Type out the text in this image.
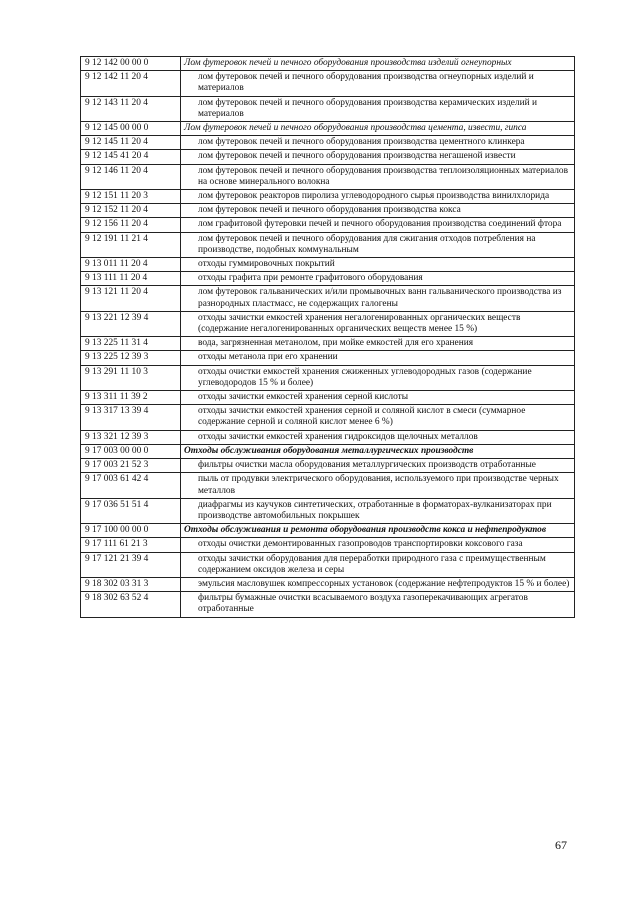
9 12 142 00 00 0	Лом футеровок печей и печного оборудования производства изделий огнеупорных
9 12 142 11 20 4	лом футеровок печей и печного оборудования производства огнеупорных изделий и материалов

9 12 143 11 20 4	лом футеровок печей и печного оборудования производства керамических изделий и материалов

9 12 145 00 00 0	Лом футеровок печей и печного оборудования производства цемента, извести, гипса
9 12 145 11 20 4	лом футеровок печей и печного оборудования производства цементного клинкера

9 12 145 41 20 4	лом футеровок печей и печного оборудования производства негашеной извести

9 12 146 11 20 4	лом футеровок печей и печного оборудования производства теплоизоляционных материалов на основе минерального волокна

9 12 151 11 20 3	лом футеровок реакторов пиролиза углеводородного сырья производства винилхлорида

9 12 152 11 20 4	лом футеровок печей и печного оборудования производства кокса

9 12 156 11 20 4	лом графитовой футеровки печей и печного оборудования производства соединений фтора

9 12 191 11 21 4	лом футеровок печей и печного оборудования для сжигания отходов потребления на производстве, подобных коммунальным

9 13 011 11 20 4	отходы гуммировочных покрытий

9 13 111 11 20 4	отходы графита при ремонте графитового оборудования

9 13 121 11 20 4	лом футеровок гальванических и/или промывочных ванн гальванического производства из разнородных пластмасс, не содержащих галогены

9 13 221 12 39 4	отходы зачистки емкостей хранения негалогенированных органических веществ (содержание негалогенированных органических веществ менее 15 %)

9 13 225 11 31 4	вода, загрязненная метанолом, при мойке емкостей для его хранения

9 13 225 12 39 3	отходы метанола при его хранении

9 13 291 11 10 3	отходы очистки емкостей хранения сжиженных углеводородных газов (содержание углеводородов 15 % и более)

9 13 311 11 39 2	отходы зачистки емкостей хранения серной кислоты

9 13 317 13 39 4	отходы зачистки емкостей хранения серной и соляной кислот в смеси (суммарное содержание серной и соляной кислот менее 6 %)

9 13 321 12 39 3	отходы зачистки емкостей хранения гидроксидов щелочных металлов

9 17 003 00 00 0	Отходы обслуживания оборудования металлургических производств
9 17 003 21 52 3	фильтры очистки масла оборудования металлургических производств отработанные

9 17 003 61 42 4	пыль от продувки электрического оборудования, используемого при производстве черных металлов

9 17 036 51 51 4	диафрагмы из каучуков синтетических, отработанные в форматорах-вулканизаторах при производстве автомобильных покрышек

9 17 100 00 00 0	Отходы обслуживания и ремонта оборудования производств кокса и нефтепродуктов
9 17 111 61 21 3	отходы очистки демонтированных газопроводов транспортировки коксового газа

9 17 121 21 39 4	отходы зачистки оборудования для переработки природного газа с преимущественным содержанием оксидов железа и серы

9 18 302 03 31 3	эмульсия масловушек компрессорных установок (содержание нефтепродуктов 15 % и более)

9 18 302 63 52 4	фильтры бумажные очистки всасываемого воздуха газоперекачивающих агрегатов отработанные
67
